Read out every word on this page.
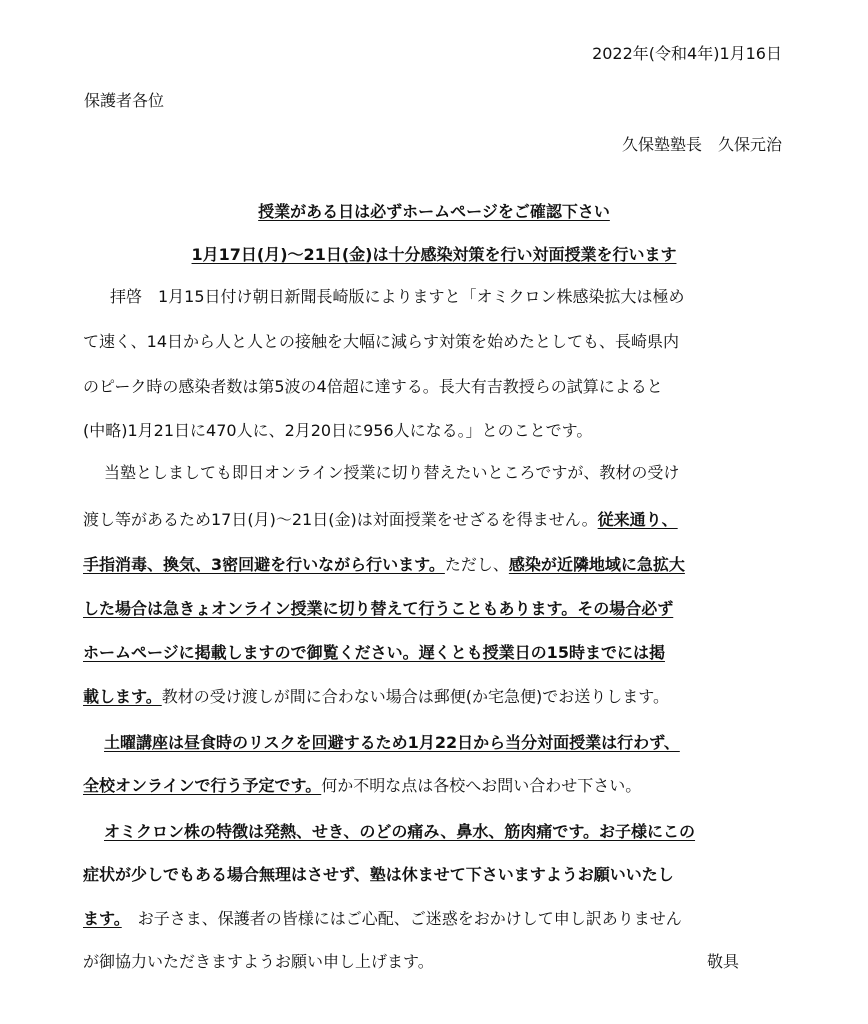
2022年(令和4年)1月16日
保護者各位
久保塾塾長　久保元治
授業がある日は必ずホームページをご確認下さい
1月17日(月)～21日(金)は十分感染対策を行い対面授業を行います
拝啓　1月15日付け朝日新聞長崎版によりますと「オミクロン株感染拡大は極め
て速く、14日から人と人との接触を大幅に減らす対策を始めたとしても、長崎県内
のピーク時の感染者数は第5波の4倍超に達する。長大有吉教授らの試算によると
(中略)1月21日に470人に、2月20日に956人になる。」とのことです。
当塾としましても即日オンライン授業に切り替えたいところですが、教材の受け
渡し等があるため17日(月)～21日(金)は対面授業をせざるを得ません。従来通り、
手指消毒、換気、3密回避を行いながら行います。ただし、感染が近隣地域に急拡大
した場合は急きょオンライン授業に切り替えて行うこともあります。その場合必ず
ホームページに掲載しますので御覧ください。遅くとも授業日の15時までには掲
載します。教材の受け渡しが間に合わない場合は郵便(か宅急便)でお送りします。
土曜講座は昼食時のリスクを回避するため1月22日から当分対面授業は行わず、
全校オンラインで行う予定です。何か不明な点は各校へお問い合わせ下さい。
オミクロン株の特徴は発熱、せき、のどの痛み、鼻水、筋肉痛です。お子様にこの
症状が少しでもある場合無理はさせず、塾は休ませて下さいますようお願いいたし
ます。　お子さま、保護者の皆様にはご心配、ご迷惑をおかけして申し訳ありません
が御協力いただきますようお願い申し上げます。	敬具
